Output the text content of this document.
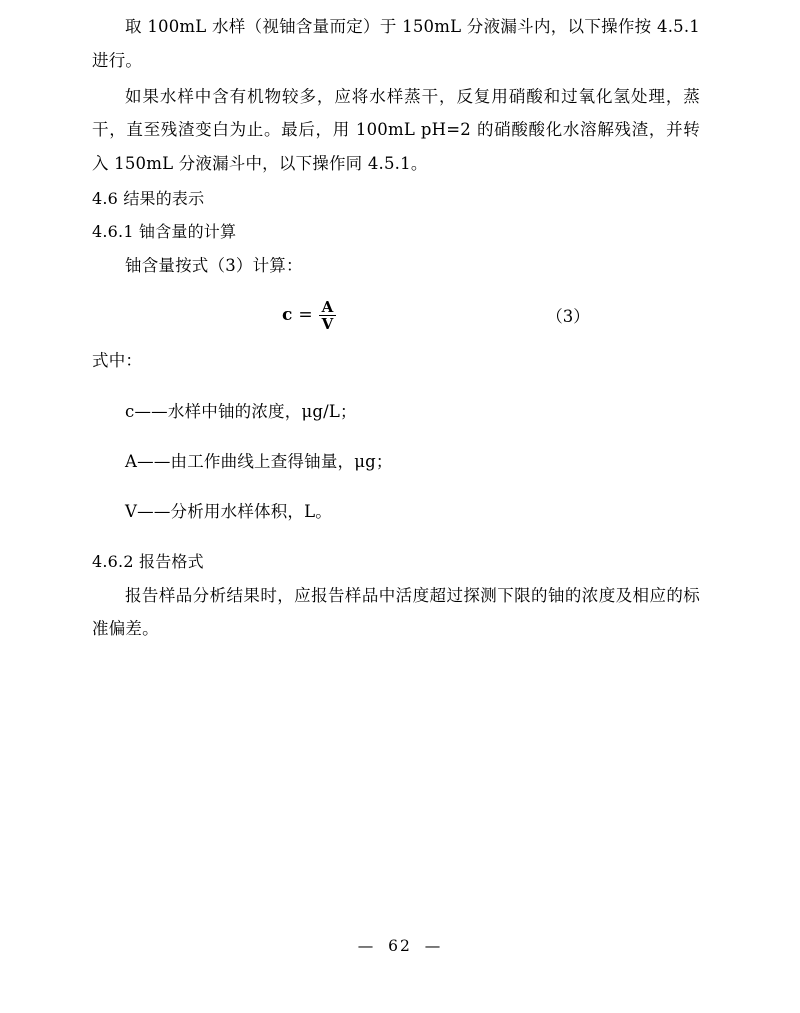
取 100mL 水样（视铀含量而定）于 150mL 分液漏斗内，以下操作按 4.5.1 进行。

如果水样中含有机物较多，应将水样蒸干，反复用硝酸和过氧化氢处理，蒸干，直至残渣变白为止。最后，用 100mL pH=2 的硝酸酸化水溶解残渣，并转入 150mL 分液漏斗中，以下操作同 4.5.1。

4.6 结果的表示

4.6.1 铀含量的计算

铀含量按式（3）计算：

$c = \frac{A}{V}$	（3）

式中：

c——水样中铀的浓度，μg/L；

A——由工作曲线上查得铀量，μg；

V——分析用水样体积，L。

4.6.2 报告格式

报告样品分析结果时，应报告样品中活度超过探测下限的铀的浓度及相应的标准偏差。

— 62 —
